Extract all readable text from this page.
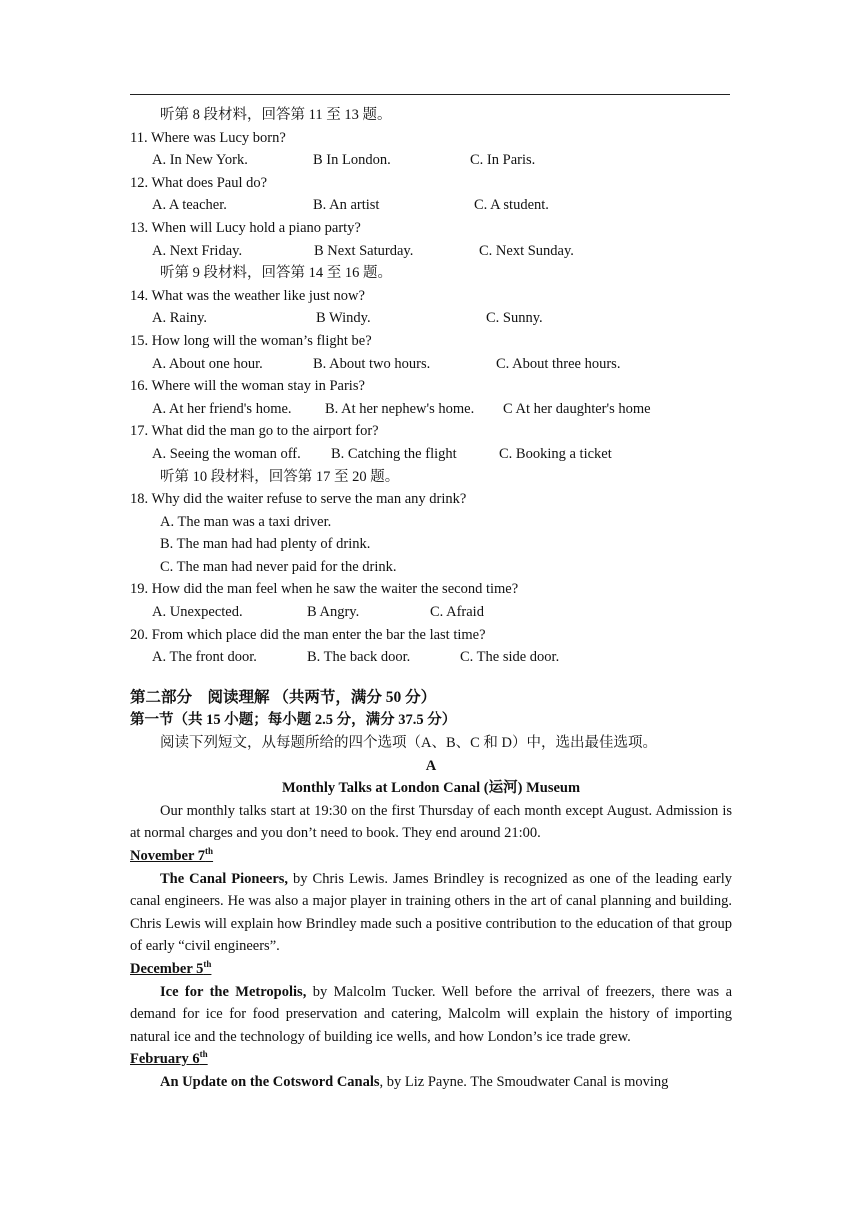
听第 8 段材料，回答第 11 至 13 题。
11. Where was Lucy born?
A. In New York.	B In London.	C. In Paris.
12. What does Paul do?
A. A teacher.	B. An artist	C. A student.
13. When will Lucy hold a piano party?
A. Next Friday.	B Next Saturday.	C. Next Sunday.
听第 9 段材料，回答第 14 至 16 题。
14. What was the weather like just now?
A. Rainy.	B Windy.	C. Sunny.
15. How long will the woman’s flight be?
A. About one hour.	B. About two hours.	C. About three hours.
16. Where will the woman stay in Paris?
A. At her friend's home. B. At her nephew's home. C At her daughter's home
17. What did the man go to the airport for?
A. Seeing the woman off. B. Catching the flight	C. Booking a ticket
听第 10 段材料，回答第 17 至 20 题。
18. Why did the waiter refuse to serve the man any drink?
A. The man was a taxi driver.
B. The man had had plenty of drink.
C. The man had never paid for the drink.
19. How did the man feel when he saw the waiter the second time?
A. Unexpected.	B Angry.	C. Afraid
20. From which place did the man enter the bar the last time?
A. The front door.	B. The back door.	C. The side door.
第二部分　阅读理解 （共两节，满分 50 分）
第一节（共 15 小题；每小题 2.5 分，满分 37.5 分）
阅读下列短文，从每题所给的四个选项（A、B、C 和 D）中，选出最佳选项。
A
Monthly Talks at London Canal (运河) Museum
Our monthly talks start at 19:30 on the first Thursday of each month except August. Admission is at normal charges and you don’t need to book. They end around 21:00.
November 7th
The Canal Pioneers, by Chris Lewis. James Brindley is recognized as one of the leading early canal engineers. He was also a major player in training others in the art of canal planning and building. Chris Lewis will explain how Brindley made such a positive contribution to the education of that group of early “civil engineers”.
December 5th
Ice for the Metropolis, by Malcolm Tucker. Well before the arrival of freezers, there was a demand for ice for food preservation and catering, Malcolm will explain the history of importing natural ice and the technology of building ice wells, and how London’s ice trade grew.
February 6th
An Update on the Cotsword Canals, by Liz Payne. The Smoudwater Canal is moving
